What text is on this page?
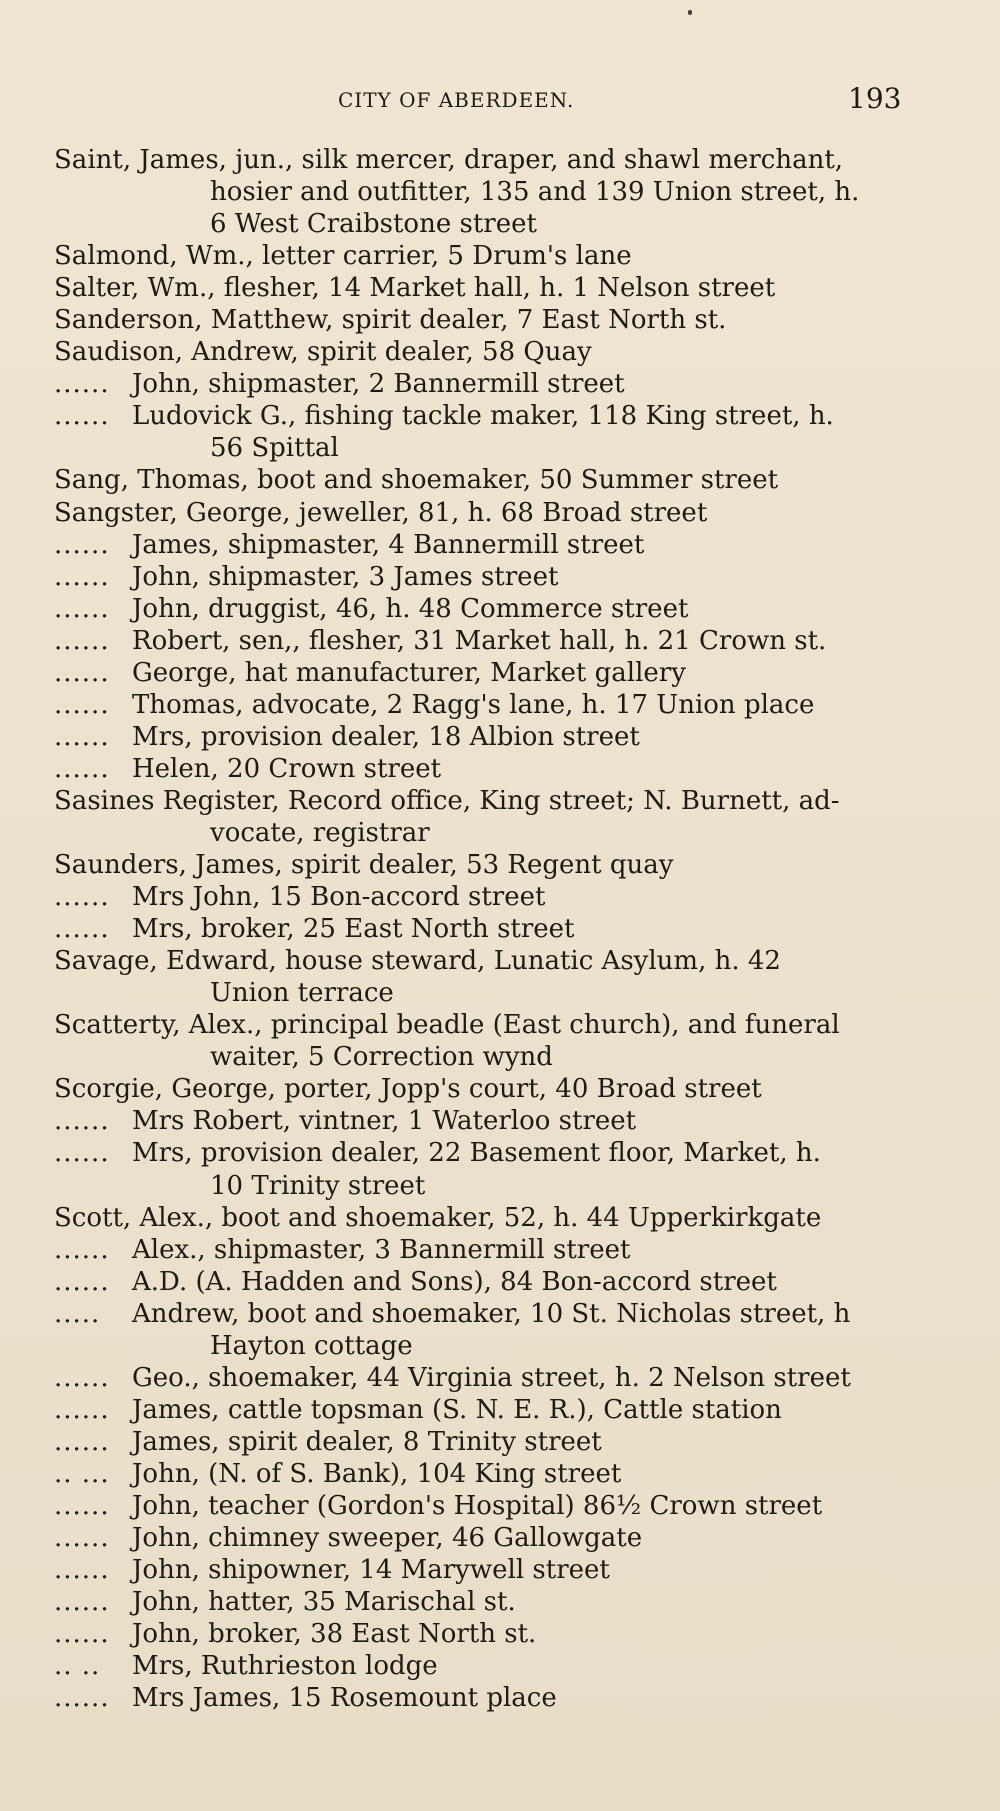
CITY OF ABERDEEN.	193
Saint, James, jun., silk mercer, draper, and shawl merchant,
hosier and outfitter, 135 and 139 Union street, h.
6 West Craibstone street
Salmond, Wm., letter carrier, 5 Drum's lane
Salter, Wm., flesher, 14 Market hall, h. 1 Nelson street
Sanderson, Matthew, spirit dealer, 7 East North st.
Saudison, Andrew, spirit dealer, 58 Quay
...... John, shipmaster, 2 Bannermill street
...... Ludovick G., fishing tackle maker, 118 King street, h.
56 Spittal
Sang, Thomas, boot and shoemaker, 50 Summer street
Sangster, George, jeweller, 81, h. 68 Broad street
...... James, shipmaster, 4 Bannermill street
...... John, shipmaster, 3 James street
...... John, druggist, 46, h. 48 Commerce street
...... Robert, sen,, flesher, 31 Market hall, h. 21 Crown st.
...... George, hat manufacturer, Market gallery
...... Thomas, advocate, 2 Ragg's lane, h. 17 Union place
...... Mrs, provision dealer, 18 Albion street
...... Helen, 20 Crown street
Sasines Register, Record office, King street; N. Burnett, ad-
vocate, registrar
Saunders, James, spirit dealer, 53 Regent quay
...... Mrs John, 15 Bon-accord street
...... Mrs, broker, 25 East North street
Savage, Edward, house steward, Lunatic Asylum, h. 42
Union terrace
Scatterty, Alex., principal beadle (East church), and funeral
waiter, 5 Correction wynd
Scorgie, George, porter, Jopp's court, 40 Broad street
...... Mrs Robert, vintner, 1 Waterloo street
...... Mrs, provision dealer, 22 Basement floor, Market, h.
10 Trinity street
Scott, Alex., boot and shoemaker, 52, h. 44 Upperkirkgate
...... Alex., shipmaster, 3 Bannermill street
...... A.D. (A. Hadden and Sons), 84 Bon-accord street
..... Andrew, boot and shoemaker, 10 St. Nicholas street, h
Hayton cottage
...... Geo., shoemaker, 44 Virginia street, h. 2 Nelson street
...... James, cattle topsman (S. N. E. R.), Cattle station
...... James, spirit dealer, 8 Trinity street
.. ... John, (N. of S. Bank), 104 King street
...... John, teacher (Gordon's Hospital) 86½ Crown street
...... John, chimney sweeper, 46 Gallowgate
...... John, shipowner, 14 Marywell street
...... John, hatter, 35 Marischal st.
...... John, broker, 38 East North st.
.. .. Mrs, Ruthrieston lodge
...... Mrs James, 15 Rosemount place
